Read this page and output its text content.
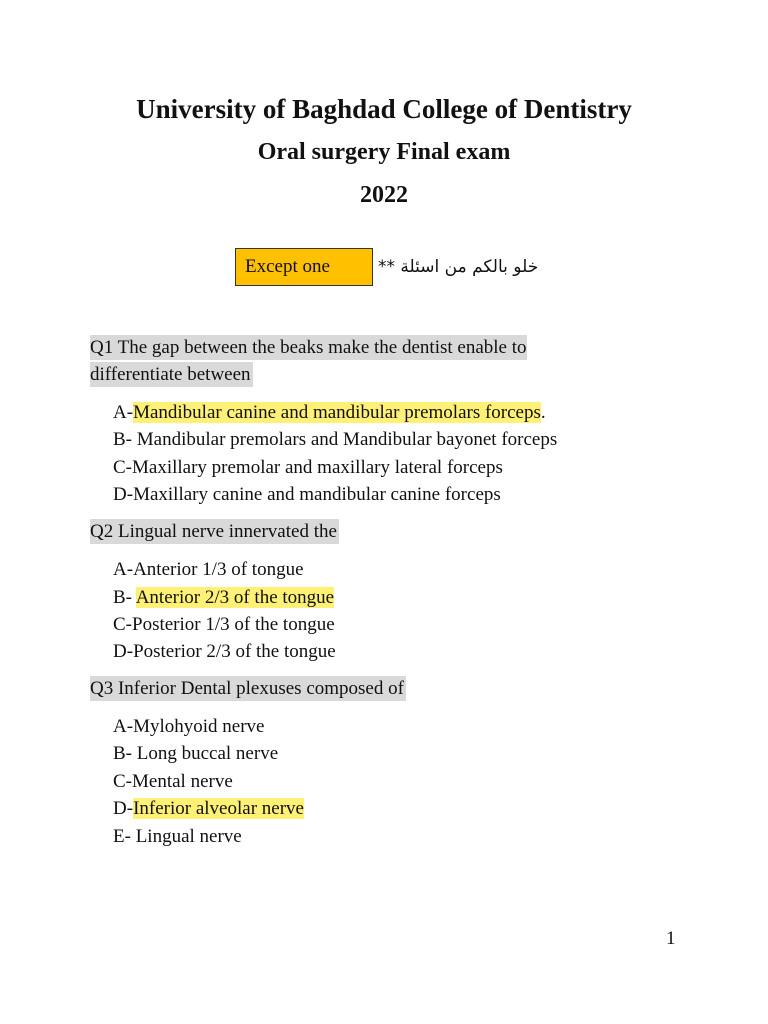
University of Baghdad College of Dentistry
Oral surgery Final exam
2022
Except one	خلو بالكم من اسئلة **
Q1 The gap between the beaks make the dentist enable to differentiate between
A-Mandibular canine and mandibular premolars forceps.
B- Mandibular premolars and Mandibular bayonet forceps
C-Maxillary premolar and maxillary lateral forceps
D-Maxillary canine and mandibular canine forceps
Q2 Lingual nerve innervated the
A-Anterior 1/3 of tongue
B- Anterior 2/3 of the tongue
C-Posterior 1/3 of the tongue
D-Posterior 2/3 of the tongue
Q3 Inferior Dental plexuses composed of
A-Mylohyoid nerve
B- Long buccal nerve
C-Mental nerve
D-Inferior alveolar nerve
E- Lingual nerve
1
